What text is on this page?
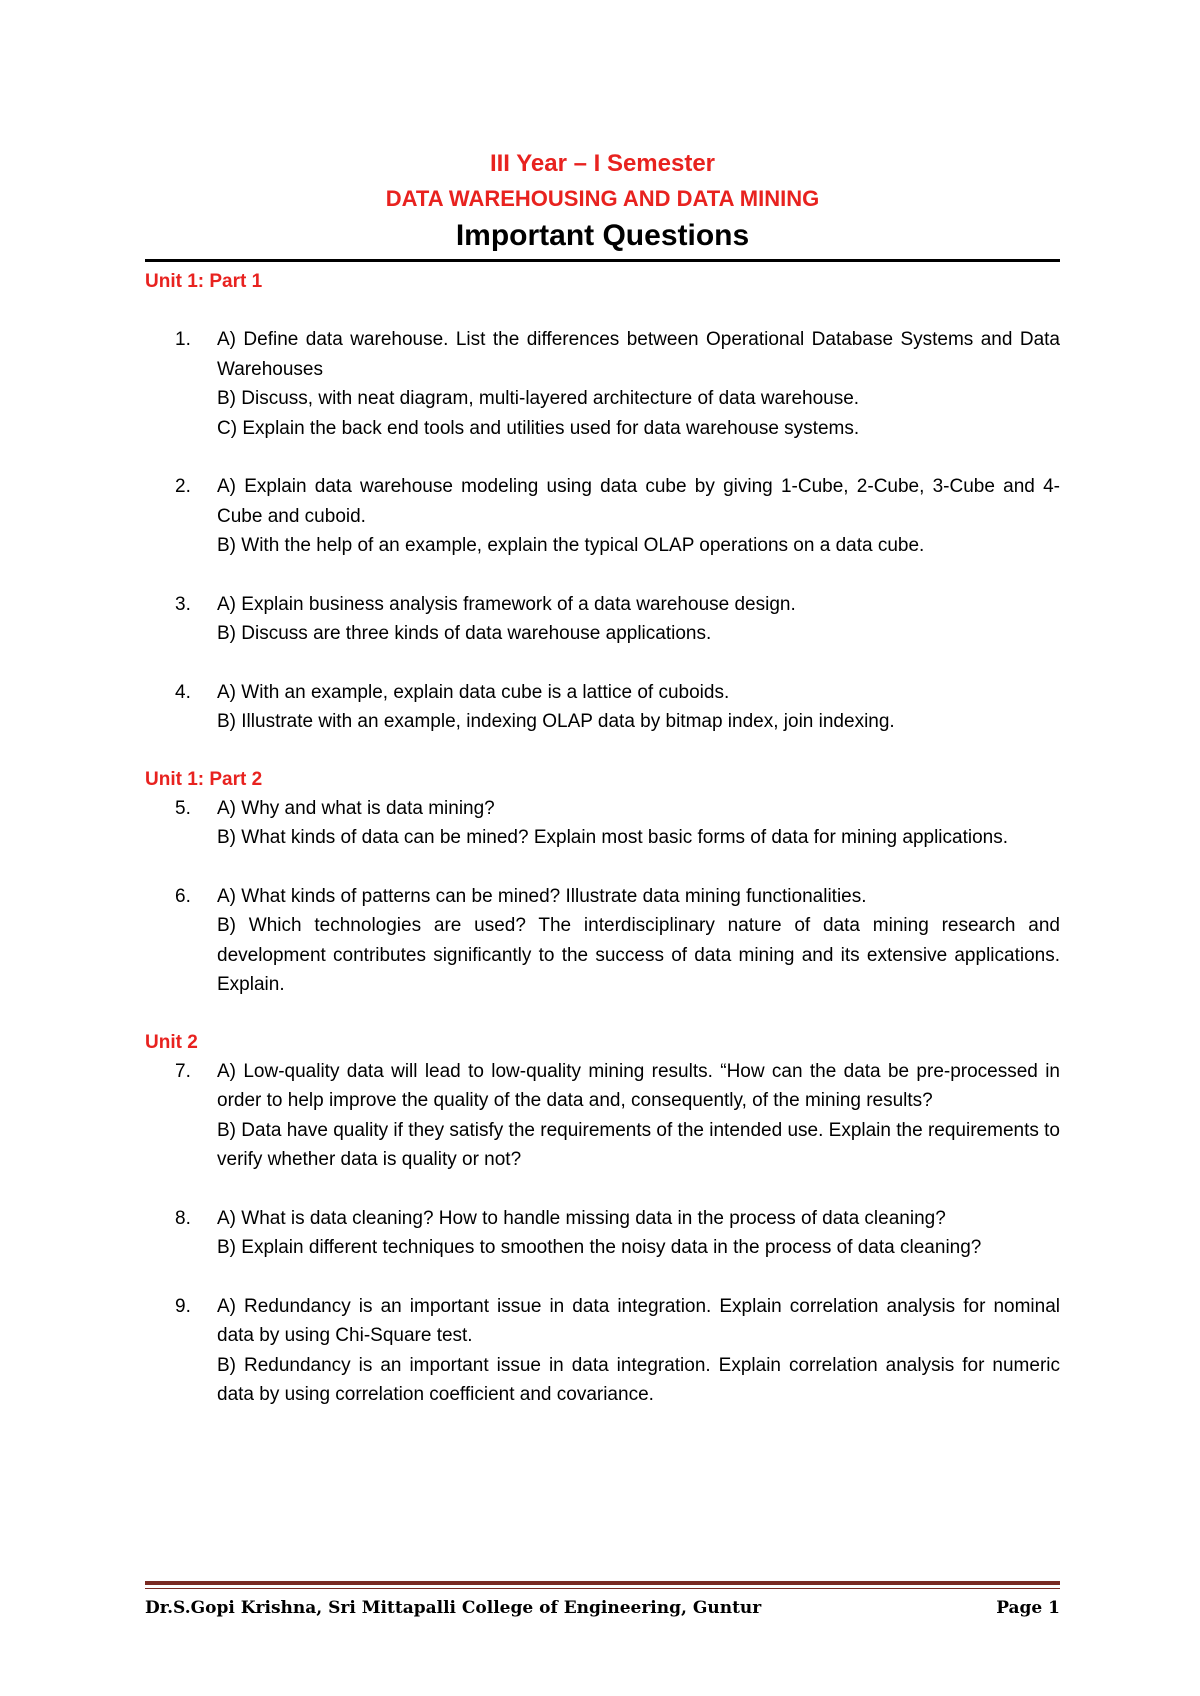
III Year – I Semester
DATA WAREHOUSING AND DATA MINING
Important Questions
Unit 1: Part 1
1. A) Define data warehouse. List the differences between Operational Database Systems and Data Warehouses

B) Discuss, with neat diagram, multi-layered architecture of data warehouse.

C) Explain the back end tools and utilities used for data warehouse systems.

2. A) Explain data warehouse modeling using data cube by giving 1-Cube, 2-Cube, 3-Cube and 4-Cube and cuboid.

B) With the help of an example, explain the typical OLAP operations on a data cube.

3. A) Explain business analysis framework of a data warehouse design.

B) Discuss are three kinds of data warehouse applications.

4. A) With an example, explain data cube is a lattice of cuboids.

B) Illustrate with an example, indexing OLAP data by bitmap index, join indexing.

Unit 1: Part 2
5. A) Why and what is data mining?

B) What kinds of data can be mined? Explain most basic forms of data for mining applications.

6. A) What kinds of patterns can be mined? Illustrate data mining functionalities.

B) Which technologies are used? The interdisciplinary nature of data mining research and development contributes significantly to the success of data mining and its extensive applications. Explain.

Unit 2
7. A) Low-quality data will lead to low-quality mining results. “How can the data be pre-processed in order to help improve the quality of the data and, consequently, of the mining results?

B) Data have quality if they satisfy the requirements of the intended use. Explain the requirements to verify whether data is quality or not?

8. A) What is data cleaning? How to handle missing data in the process of data cleaning?

B) Explain different techniques to smoothen the noisy data in the process of data cleaning?

9. A) Redundancy is an important issue in data integration. Explain correlation analysis for nominal data by using Chi-Square test.

B) Redundancy is an important issue in data integration. Explain correlation analysis for numeric data by using correlation coefficient and covariance.

Dr.S.Gopi Krishna, Sri Mittapalli College of Engineering, Guntur	Page 1
